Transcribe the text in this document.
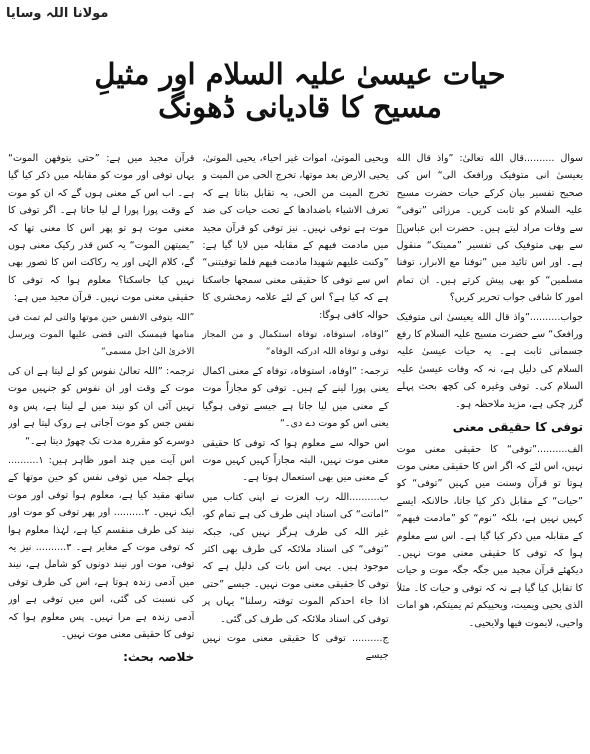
مولانا اللہ وسایا
حیات عیسیٰ علیہ السلام اور مثیلِ مسیح کا قادیانی ڈھونگ

سوال ..........قال الله تعالیٰ: ”واذ قال الله یعیسیٰ انی متوفیک ورافعک الی“ اس کی صحیح تفسیر بیان کرکے حیات حضرت مسیح علیہ السلام کو ثابت کریں۔ مرزائی ”توفی“ سے وفات مراد لیتے ہیں۔ حضرت ابن عباسؓ سے بھی متوفیک کی تفسیر ”ممیتک“ منقول ہے۔ اور اس تائید میں ”توفنا مع الابرار، توفنا مسلمین“ کو بھی پیش کرتے ہیں۔ ان تمام امور کا شافی جواب تحریر کریں؟

جواب..........”واذ قال الله یعیسیٰ انی متوفیک ورافعک“ سے حضرت مسیح علیہ السلام کا رفع جسمانی ثابت ہے۔ یہ حیات عیسیٰ علیہ السلام کی دلیل ہے، نہ کہ وفات عیسیٰ علیہ السلام کی۔ توفی وغیرہ کی کچھ بحث پہلے گزر چکی ہے، مزید ملاحظہ ہو۔

توفی کا حقیقی معنی

الف..........”توفی“ کا حقیقی معنی موت نہیں، اس لئے کہ اگر اس کا حقیقی معنی موت ہوتا تو قرآن وسنت میں کہیں ”توفی“ کو ”حیات“ کے مقابل ذکر کیا جاتا، حالانکہ ایسے کہیں نہیں ہے، بلکہ ”نوم“ کو ”مادمت فیھم“ کے مقابلہ میں ذکر کیا گیا ہے۔ اس سے معلوم ہوا کہ توفی کا حقیقی معنی موت نہیں۔ دیکھئے قرآن مجید میں جگہ جگہ موت و حیات کا تقابل کیا گیا ہے نہ کہ توفی و حیات کا۔ مثلاً الذی یحیی ویمیت، ویحییکم ثم یمیتکم، ھو امات واحیی، لایموت فیھا ولایحیی۔

ویحیی الموتیٰ، اموات غیر احیاء، یحیی الموتیٰ، یحیی الارض بعد موتھا، تخرج الحی من المیت و تخرج المیت من الحی، یہ تقابل بتاتا ہے کہ تعرف الاشیاء باضدادھا کے تحت حیات کی ضد موت ہے توفی نہیں۔ نیز توفی کو قرآن مجید میں مادمت فیھم کے مقابلہ میں لایا گیا ہے: ”وکنت علیھم شھیدا مادمت فیھم فلما توفیتنی“ اس سے توفی کا حقیقی معنی سمجھا جاسکتا ہے کہ کیا ہے؟ اس کے لئے علامہ زمخشری کا حوالہ کافی ہوگا:

”اوفاہ، استوفاہ، توفاہ استکمال و من المجاز توفی و توفاہ اللہ ادرکتہ الوفاہ“

ترجمہ: ”اوفاہ، استوفاہ، توفاہ کے معنی اکمال یعنی پورا لینے کے ہیں۔ توفی کو مجازاً موت کے معنی میں لیا جاتا ہے جیسے توفی ہوگیا یعنی اس کو موت دے دی۔“

اس حوالہ سے معلوم ہوا کہ توفی کا حقیقی معنی موت نہیں، البتہ مجازاً کہیں کہیں موت کے معنی میں بھی استعمال ہوتا ہے۔

ب..........اللہ رب العزت نے اپنی کتاب میں ”اماتت“ کی اسناد اپنی طرف کی ہے تمام کو، غیر اللہ کی طرف ہرگز نہیں کی، جبکہ ”توفی“ کی اسناد ملائکہ کی طرف بھی اکثر موجود ہیں۔ یہی اس بات کی دلیل ہے کہ توفی کا حقیقی معنی موت نہیں۔ جیسے ”حتی اذا جاء احدکم الموت توفتہ رسلنا“ یہاں پر توفی کی اسناد ملائکہ کی طرف کی گئی۔

ج.......... توفی کا حقیقی معنی موت نہیں جیسے

قرآن مجید میں ہے: ”حتی یتوفھن الموت“ یہاں توفی اور موت کو مقابلہ میں ذکر کیا گیا ہے۔ اب اس کے معنی ہوں گے کہ ان کو موت کے وقت پورا پورا لے لیا جاتا ہے۔ اگر توفی کا معنی موت ہو تو پھر اس کا معنی تھا کہ ”یمیتھن الموت“ یہ کس قدر رکیک معنی ہوں گے، کلام الہٰی اور یہ رکاکت اس کا تصور بھی نہیں کیا جاسکتا؟ معلوم ہوا کہ توفی کا حقیقی معنی موت نہیں۔ قرآن مجید میں ہے:

”اللہ یتوفی الانفس حین موتھا والتی لم تمت فی منامھا فیمسک التی قضی علیھا الموت ویرسل الاخریٰ الیٰ اجل مسمی“

ترجمہ: ”اللہ تعالیٰ نفوس کو لے لیتا ہے ان کی موت کے وقت اور ان نفوس کو جنہیں موت نہیں آئی ان کو نیند میں لے لیتا ہے، پس وہ نفس جس کو موت آجاتی ہے روک لیتا ہے اور دوسرے کو مقررہ مدت تک چھوڑ دیتا ہے۔“

اس آیت میں چند امور ظاہر ہیں: ۱.......... پہلے جملہ میں توفی نفس کو حین موتھا کے ساتھ مقید کیا ہے، معلوم ہوا توفی اور موت ایک نہیں۔ ۲.......... اور پھر توفی کو موت اور نیند کی طرف منقسم کیا ہے، لہٰذا معلوم ہوا کہ توفی موت کے مغایر ہے۔ ۳.......... نیز یہ توفی، موت اور نیند دونوں کو شامل ہے، نیند میں آدمی زندہ ہوتا ہے، اس کی طرف توفی کی نسبت کی گئی، اس میں توفی ہے اور آدمی زندہ ہے مرا نہیں۔ پس معلوم ہوا کہ توفی کا حقیقی معنی موت نہیں۔

خلاصہ بحث:
